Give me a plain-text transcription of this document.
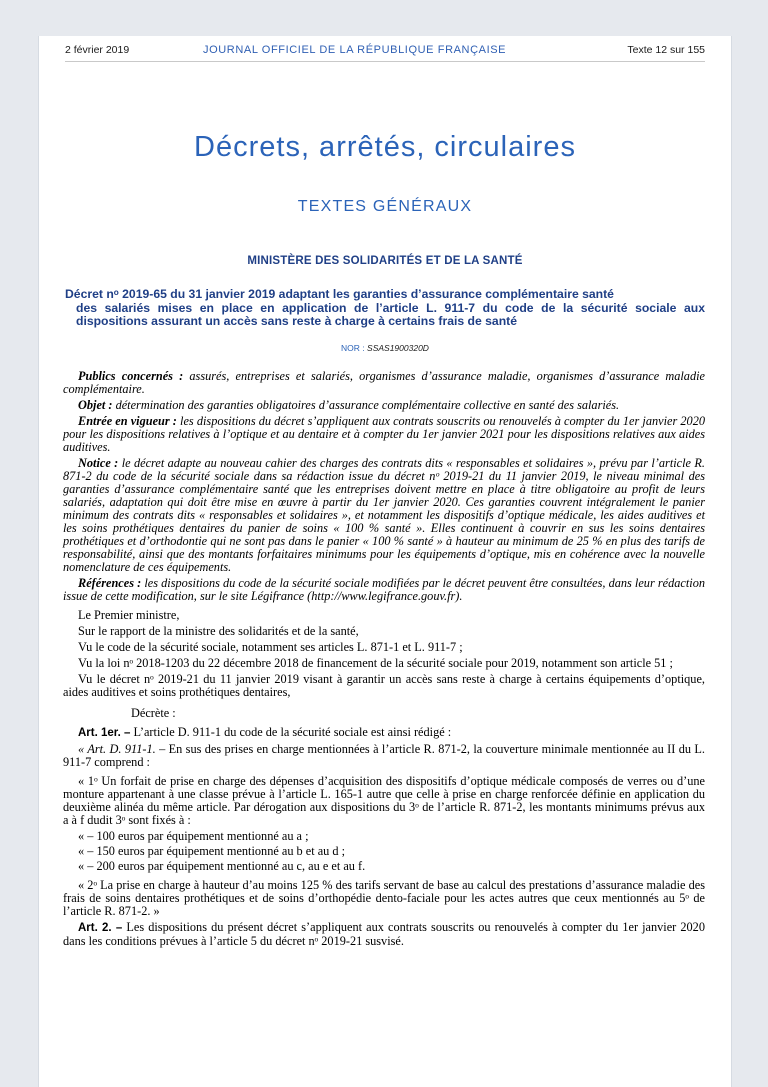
2 février 2019	JOURNAL OFFICIEL DE LA RÉPUBLIQUE FRANÇAISE	Texte 12 sur 155
Décrets, arrêtés, circulaires
TEXTES GÉNÉRAUX
MINISTÈRE DES SOLIDARITÉS ET DE LA SANTÉ
Décret nᵒ 2019-65 du 31 janvier 2019 adaptant les garanties d’assurance complémentaire santé
des salariés mises en place en application de l’article L. 911-7 du code de la sécurité sociale aux dispositions assurant un accès sans reste à charge à certains frais de santé
NOR : SSAS1900320D

Publics concernés : assurés, entreprises et salariés, organismes d’assurance maladie, organismes d’assurance maladie complémentaire.

Objet : détermination des garanties obligatoires d’assurance complémentaire collective en santé des salariés.

Entrée en vigueur : les dispositions du décret s’appliquent aux contrats souscrits ou renouvelés à compter du 1er janvier 2020 pour les dispositions relatives à l’optique et au dentaire et à compter du 1er janvier 2021 pour les dispositions relatives aux aides auditives.

Notice : le décret adapte au nouveau cahier des charges des contrats dits « responsables et solidaires », prévu par l’article R. 871-2 du code de la sécurité sociale dans sa rédaction issue du décret nᵒ 2019-21 du 11 janvier 2019, le niveau minimal des garanties d’assurance complémentaire santé que les entreprises doivent mettre en place à titre obligatoire au profit de leurs salariés, adaptation qui doit être mise en œuvre à partir du 1er janvier 2020. Ces garanties couvrent intégralement le panier minimum des contrats dits « responsables et solidaires », et notamment les dispositifs d’optique médicale, les aides auditives et les soins prothétiques dentaires du panier de soins « 100 % santé ». Elles continuent à couvrir en sus les soins dentaires prothétiques et d’orthodontie qui ne sont pas dans le panier « 100 % santé » à hauteur au minimum de 25 % en plus des tarifs de responsabilité, ainsi que des montants forfaitaires minimums pour les équipements d’optique, mis en cohérence avec la nouvelle nomenclature de ces équipements.

Références : les dispositions du code de la sécurité sociale modifiées par le décret peuvent être consultées, dans leur rédaction issue de cette modification, sur le site Légifrance (http://www.legifrance.gouv.fr).

Le Premier ministre,

Sur le rapport de la ministre des solidarités et de la santé,

Vu le code de la sécurité sociale, notamment ses articles L. 871-1 et L. 911-7 ;

Vu la loi nᵒ 2018-1203 du 22 décembre 2018 de financement de la sécurité sociale pour 2019, notamment son article 51 ;

Vu le décret nᵒ 2019-21 du 11 janvier 2019 visant à garantir un accès sans reste à charge à certains équipements d’optique, aides auditives et soins prothétiques dentaires,

Décrète :

Art. 1er. – L’article D. 911-1 du code de la sécurité sociale est ainsi rédigé :

« Art. D. 911-1. – En sus des prises en charge mentionnées à l’article R. 871-2, la couverture minimale mentionnée au II du L. 911-7 comprend :

« 1ᵒ Un forfait de prise en charge des dépenses d’acquisition des dispositifs d’optique médicale composés de verres ou d’une monture appartenant à une classe prévue à l’article L. 165-1 autre que celle à prise en charge renforcée définie en application du deuxième alinéa du même article. Par dérogation aux dispositions du 3ᵒ de l’article R. 871-2, les montants minimums prévus aux a à f dudit 3ᵒ sont fixés à :

« – 100 euros par équipement mentionné au a ;

« – 150 euros par équipement mentionné au b et au d ;

« – 200 euros par équipement mentionné au c, au e et au f.

« 2ᵒ La prise en charge à hauteur d’au moins 125 % des tarifs servant de base au calcul des prestations d’assurance maladie des frais de soins dentaires prothétiques et de soins d’orthopédie dento-faciale pour les actes autres que ceux mentionnés au 5ᵒ de l’article R. 871-2. »

Art. 2. – Les dispositions du présent décret s’appliquent aux contrats souscrits ou renouvelés à compter du 1er janvier 2020 dans les conditions prévues à l’article 5 du décret nᵒ 2019-21 susvisé.
